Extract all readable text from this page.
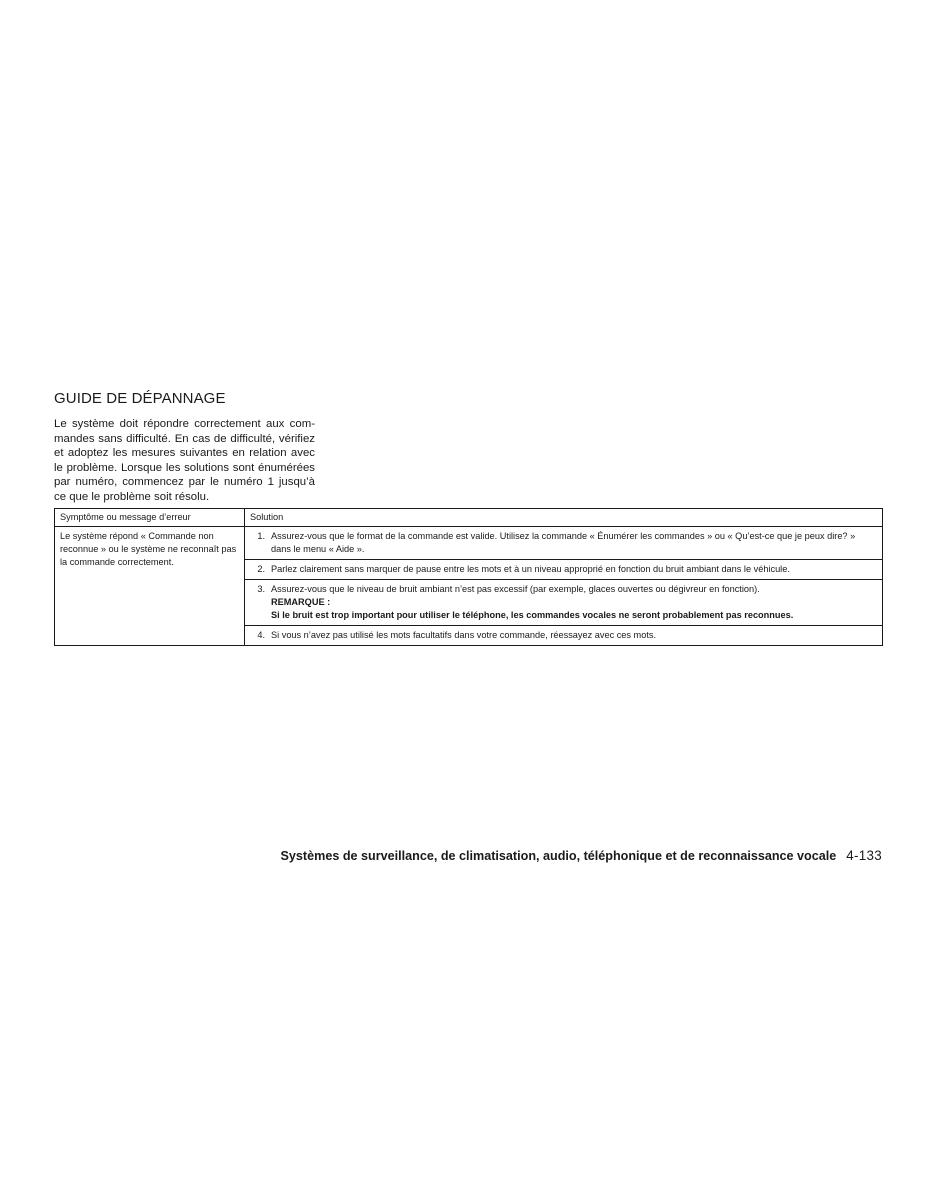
GUIDE DE DÉPANNAGE

Le système doit répondre correctement aux commandes sans difficulté. En cas de difficulté, vérifiez et adoptez les mesures suivantes en relation avec le problème. Lorsque les solutions sont énumérées par numéro, commencez par le numéro 1 jusqu’à ce que le problème soit résolu.

Symptôme ou message d’erreur	Solution
Le système répond « Commande non reconnue » ou le système ne reconnaît pas la commande correctement.	1. Assurez-vous que le format de la commande est valide. Utilisez la commande « Énumérer les commandes » ou « Qu’est-ce que je peux dire? » dans le menu « Aide ».

	2. Parlez clairement sans marquer de pause entre les mots et à un niveau approprié en fonction du bruit ambiant dans le véhicule.

	3. Assurez-vous que le niveau de bruit ambiant n’est pas excessif (par exemple, glaces ouvertes ou dégivreur en fonction).
REMARQUE :
Si le bruit est trop important pour utiliser le téléphone, les commandes vocales ne seront probablement pas reconnues.

	4. Si vous n’avez pas utilisé les mots facultatifs dans votre commande, réessayez avec ces mots.
Systèmes de surveillance, de climatisation, audio, téléphonique et de reconnaissance vocale 4-133
